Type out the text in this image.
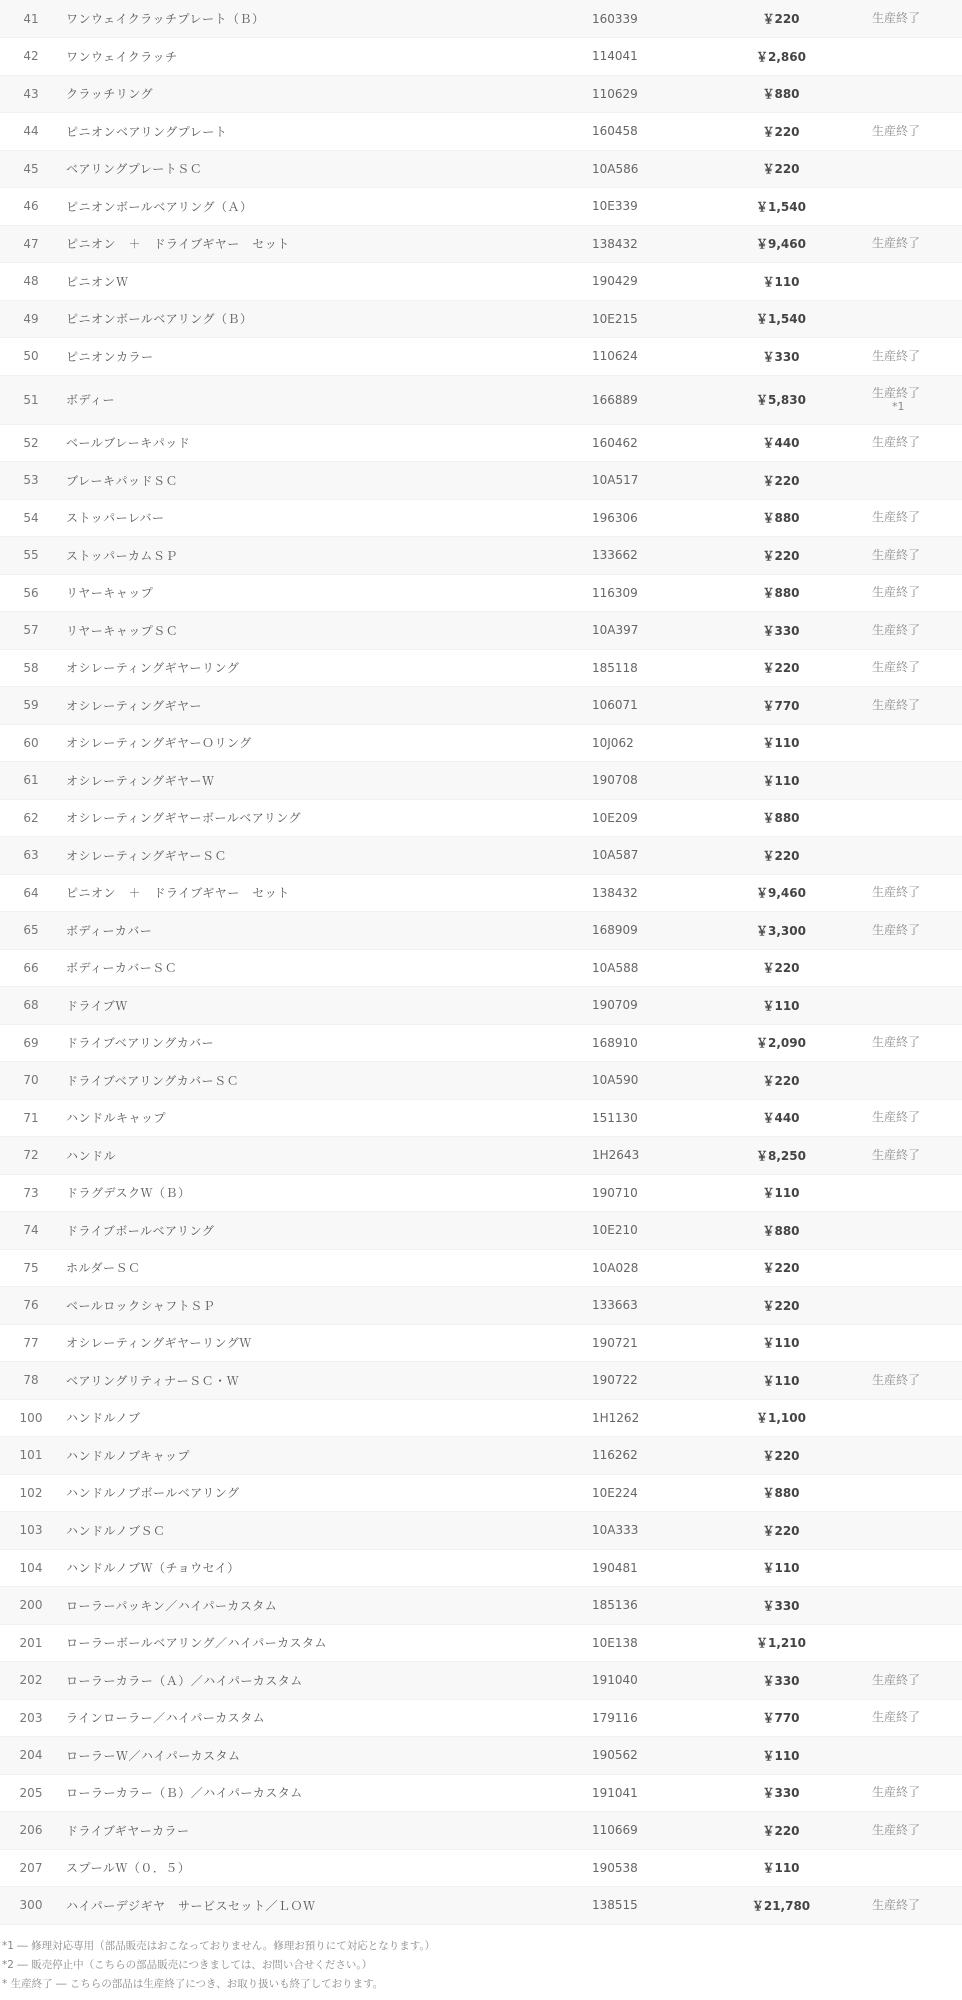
41	ワンウェイクラッチプレート（Ｂ）	160339	￥220	生産終了
42	ワンウェイクラッチ	114041	￥2,860	
43	クラッチリング	110629	￥880	
44	ピニオンベアリングプレート	160458	￥220	生産終了
45	ベアリングプレートＳＣ	10A586	￥220	
46	ピニオンボールベアリング（Ａ）	10E339	￥1,540	
47	ピニオン　＋　ドライブギヤー　セット	138432	￥9,460	生産終了
48	ピニオンＷ	190429	￥110	
49	ピニオンボールベアリング（Ｂ）	10E215	￥1,540	
50	ピニオンカラー	110624	￥330	生産終了
51	ボディー	166889	￥5,830	生産終了
*1

52	ベールブレーキパッド	160462	￥440	生産終了
53	ブレーキパッドＳＣ	10A517	￥220	
54	ストッパーレバー	196306	￥880	生産終了
55	ストッパーカムＳＰ	133662	￥220	生産終了
56	リヤーキャップ	116309	￥880	生産終了
57	リヤーキャップＳＣ	10A397	￥330	生産終了
58	オシレーティングギヤーリング	185118	￥220	生産終了
59	オシレーティングギヤー	106071	￥770	生産終了
60	オシレーティングギヤーＯリング	10J062	￥110	
61	オシレーティングギヤーＷ	190708	￥110	
62	オシレーティングギヤーボールベアリング	10E209	￥880	
63	オシレーティングギヤーＳＣ	10A587	￥220	
64	ピニオン　＋　ドライブギヤー　セット	138432	￥9,460	生産終了
65	ボディーカバー	168909	￥3,300	生産終了
66	ボディーカバーＳＣ	10A588	￥220	
68	ドライブＷ	190709	￥110	
69	ドライブベアリングカバー	168910	￥2,090	生産終了
70	ドライブベアリングカバーＳＣ	10A590	￥220	
71	ハンドルキャップ	151130	￥440	生産終了
72	ハンドル	1H2643	￥8,250	生産終了
73	ドラグデスクＷ（Ｂ）	190710	￥110	
74	ドライブボールベアリング	10E210	￥880	
75	ホルダーＳＣ	10A028	￥220	
76	ベールロックシャフトＳＰ	133663	￥220	
77	オシレーティングギヤーリングＷ	190721	￥110	
78	ベアリングリティナーＳＣ・Ｗ	190722	￥110	生産終了
100	ハンドルノブ	1H1262	￥1,100	
101	ハンドルノブキャップ	116262	￥220	
102	ハンドルノブボールベアリング	10E224	￥880	
103	ハンドルノブＳＣ	10A333	￥220	
104	ハンドルノブＷ（チョウセイ）	190481	￥110	
200	ローラーパッキン／ハイパーカスタム	185136	￥330	
201	ローラーボールベアリング／ハイパーカスタム	10E138	￥1,210	
202	ローラーカラー（Ａ）／ハイパーカスタム	191040	￥330	生産終了
203	ラインローラー／ハイパーカスタム	179116	￥770	生産終了
204	ローラーＷ／ハイパーカスタム	190562	￥110	
205	ローラーカラー（Ｂ）／ハイパーカスタム	191041	￥330	生産終了
206	ドライブギヤーカラー	110669	￥220	生産終了
207	スプールＷ（０．５）	190538	￥110	
300	ハイパーデジギヤ　サービスセット／ＬＯＷ	138515	￥21,780	生産終了
*1 ― 修理対応専用（部品販売はおこなっておりません。修理お預りにて対応となります。）
*2 ― 販売停止中（こちらの部品販売につきましては、お問い合せください。）
* 生産終了 ― こちらの部品は生産終了につき、お取り扱いも終了しております。
